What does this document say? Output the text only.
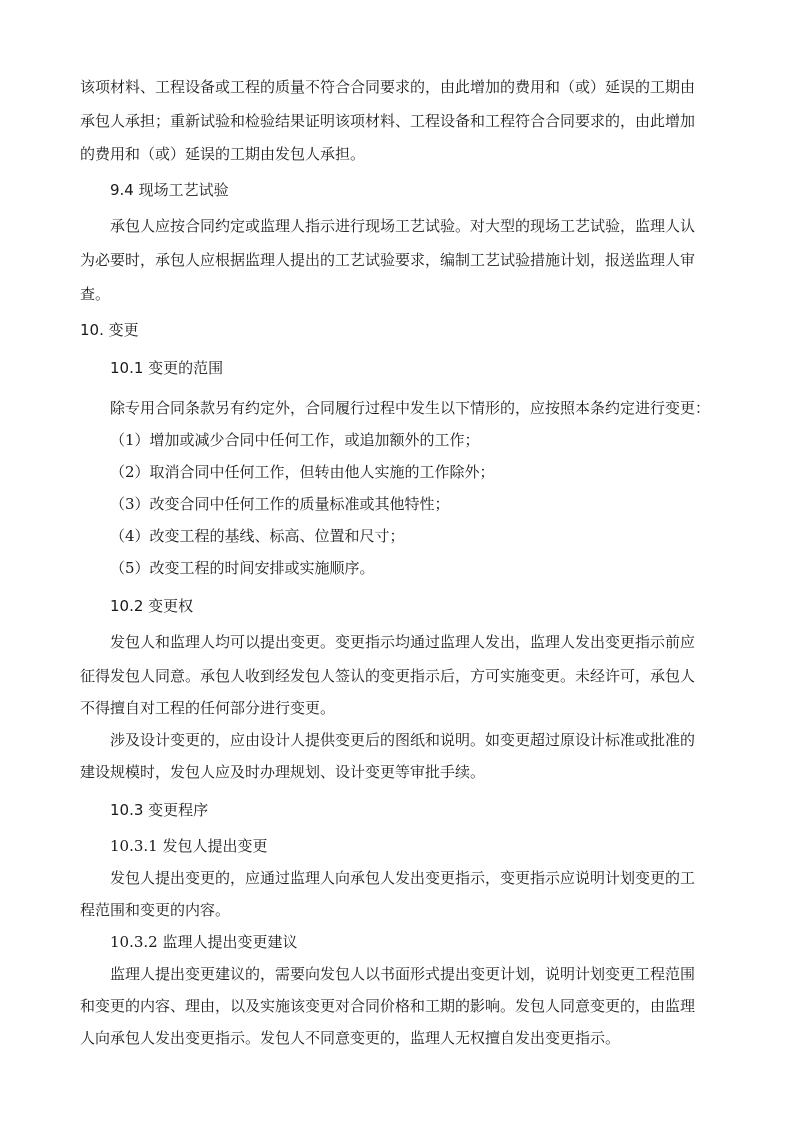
该项材料、工程设备或工程的质量不符合合同要求的，由此增加的费用和（或）延误的工期由
承包人承担；重新试验和检验结果证明该项材料、工程设备和工程符合合同要求的，由此增加
的费用和（或）延误的工期由发包人承担。
9.4 现场工艺试验
承包人应按合同约定或监理人指示进行现场工艺试验。对大型的现场工艺试验，监理人认
为必要时，承包人应根据监理人提出的工艺试验要求，编制工艺试验措施计划，报送监理人审
查。
10. 变更
10.1 变更的范围
除专用合同条款另有约定外，合同履行过程中发生以下情形的，应按照本条约定进行变更：
（1）增加或减少合同中任何工作，或追加额外的工作；
（2）取消合同中任何工作，但转由他人实施的工作除外；
（3）改变合同中任何工作的质量标准或其他特性；
（4）改变工程的基线、标高、位置和尺寸；
（5）改变工程的时间安排或实施顺序。
10.2 变更权
发包人和监理人均可以提出变更。变更指示均通过监理人发出，监理人发出变更指示前应
征得发包人同意。承包人收到经发包人签认的变更指示后，方可实施变更。未经许可，承包人
不得擅自对工程的任何部分进行变更。
涉及设计变更的，应由设计人提供变更后的图纸和说明。如变更超过原设计标准或批准的
建设规模时，发包人应及时办理规划、设计变更等审批手续。
10.3 变更程序
10.3.1 发包人提出变更
发包人提出变更的，应通过监理人向承包人发出变更指示，变更指示应说明计划变更的工
程范围和变更的内容。
10.3.2 监理人提出变更建议
监理人提出变更建议的，需要向发包人以书面形式提出变更计划，说明计划变更工程范围
和变更的内容、理由，以及实施该变更对合同价格和工期的影响。发包人同意变更的，由监理
人向承包人发出变更指示。发包人不同意变更的，监理人无权擅自发出变更指示。
